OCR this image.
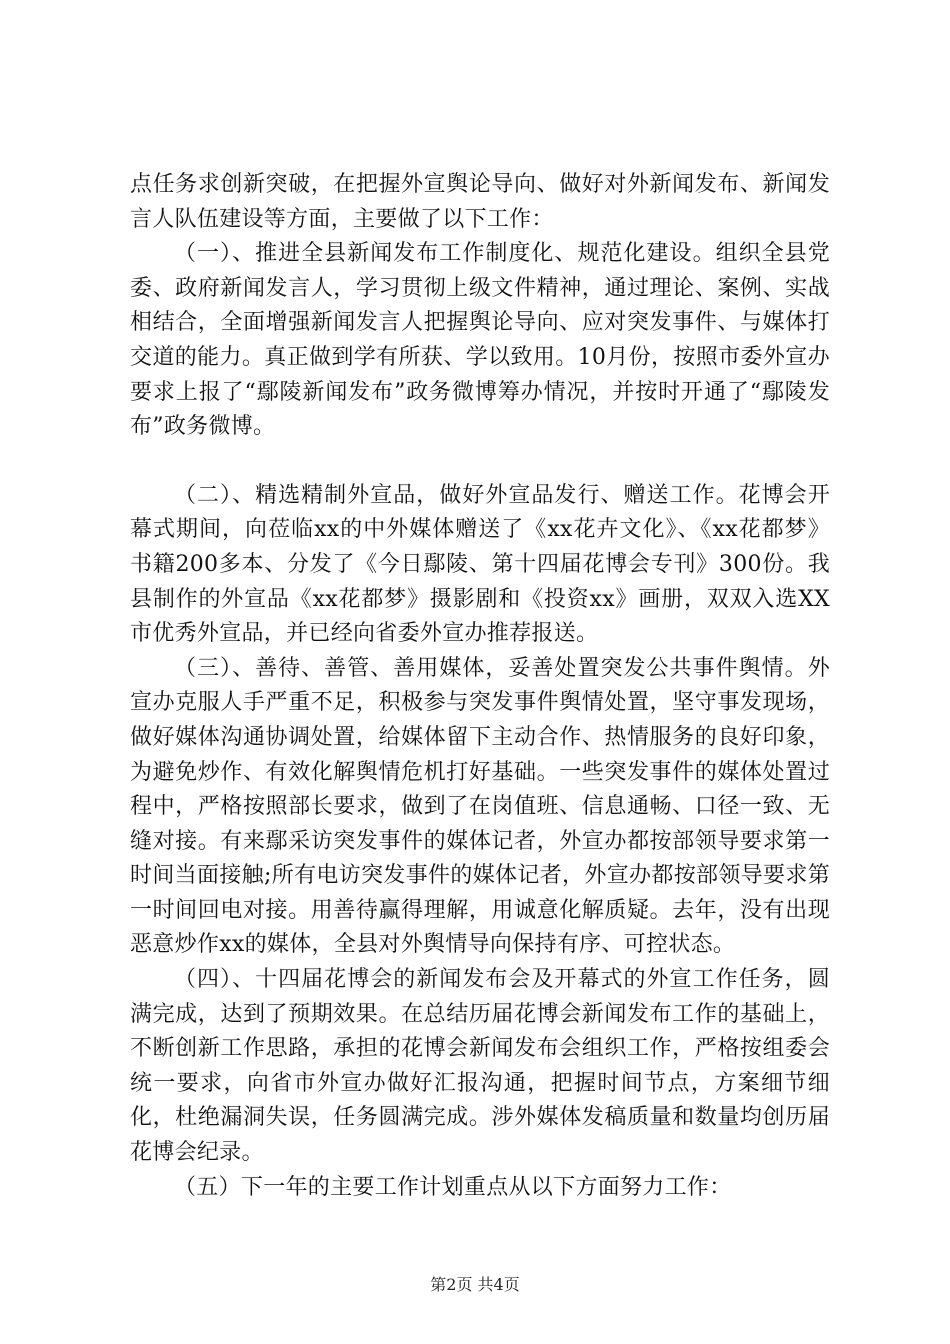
点任务求创新突破，在把握外宣舆论导向、做好对外新闻发布、新闻发言人队伍建设等方面，主要做了以下工作：

（一）、推进全县新闻发布工作制度化、规范化建设。组织全县党委、政府新闻发言人，学习贯彻上级文件精神，通过理论、案例、实战相结合，全面增强新闻发言人把握舆论导向、应对突发事件、与媒体打交道的能力。真正做到学有所获、学以致用。10月份，按照市委外宣办要求上报了“鄢陵新闻发布”政务微博筹办情况，并按时开通了“鄢陵发布”政务微博。

（二）、精选精制外宣品，做好外宣品发行、赠送工作。花博会开幕式期间，向莅临xx的中外媒体赠送了《xx花卉文化》、《xx花都梦》书籍200多本、分发了《今日鄢陵、第十四届花博会专刊》300份。我县制作的外宣品《xx花都梦》摄影剧和《投资xx》画册，双双入选XX市优秀外宣品，并已经向省委外宣办推荐报送。

（三）、善待、善管、善用媒体，妥善处置突发公共事件舆情。外宣办克服人手严重不足，积极参与突发事件舆情处置，坚守事发现场，做好媒体沟通协调处置，给媒体留下主动合作、热情服务的良好印象，为避免炒作、有效化解舆情危机打好基础。一些突发事件的媒体处置过程中，严格按照部长要求，做到了在岗值班、信息通畅、口径一致、无缝对接。有来鄢采访突发事件的媒体记者，外宣办都按部领导要求第一时间当面接触;所有电访突发事件的媒体记者，外宣办都按部领导要求第一时间回电对接。用善待赢得理解，用诚意化解质疑。去年，没有出现恶意炒作xx的媒体，全县对外舆情导向保持有序、可控状态。

（四）、十四届花博会的新闻发布会及开幕式的外宣工作任务，圆满完成，达到了预期效果。在总结历届花博会新闻发布工作的基础上，不断创新工作思路，承担的花博会新闻发布会组织工作，严格按组委会统一要求，向省市外宣办做好汇报沟通，把握时间节点，方案细节细化，杜绝漏洞失误，任务圆满完成。涉外媒体发稿质量和数量均创历届花博会纪录。

（五）下一年的主要工作计划重点从以下方面努力工作：

第2页 共4页
